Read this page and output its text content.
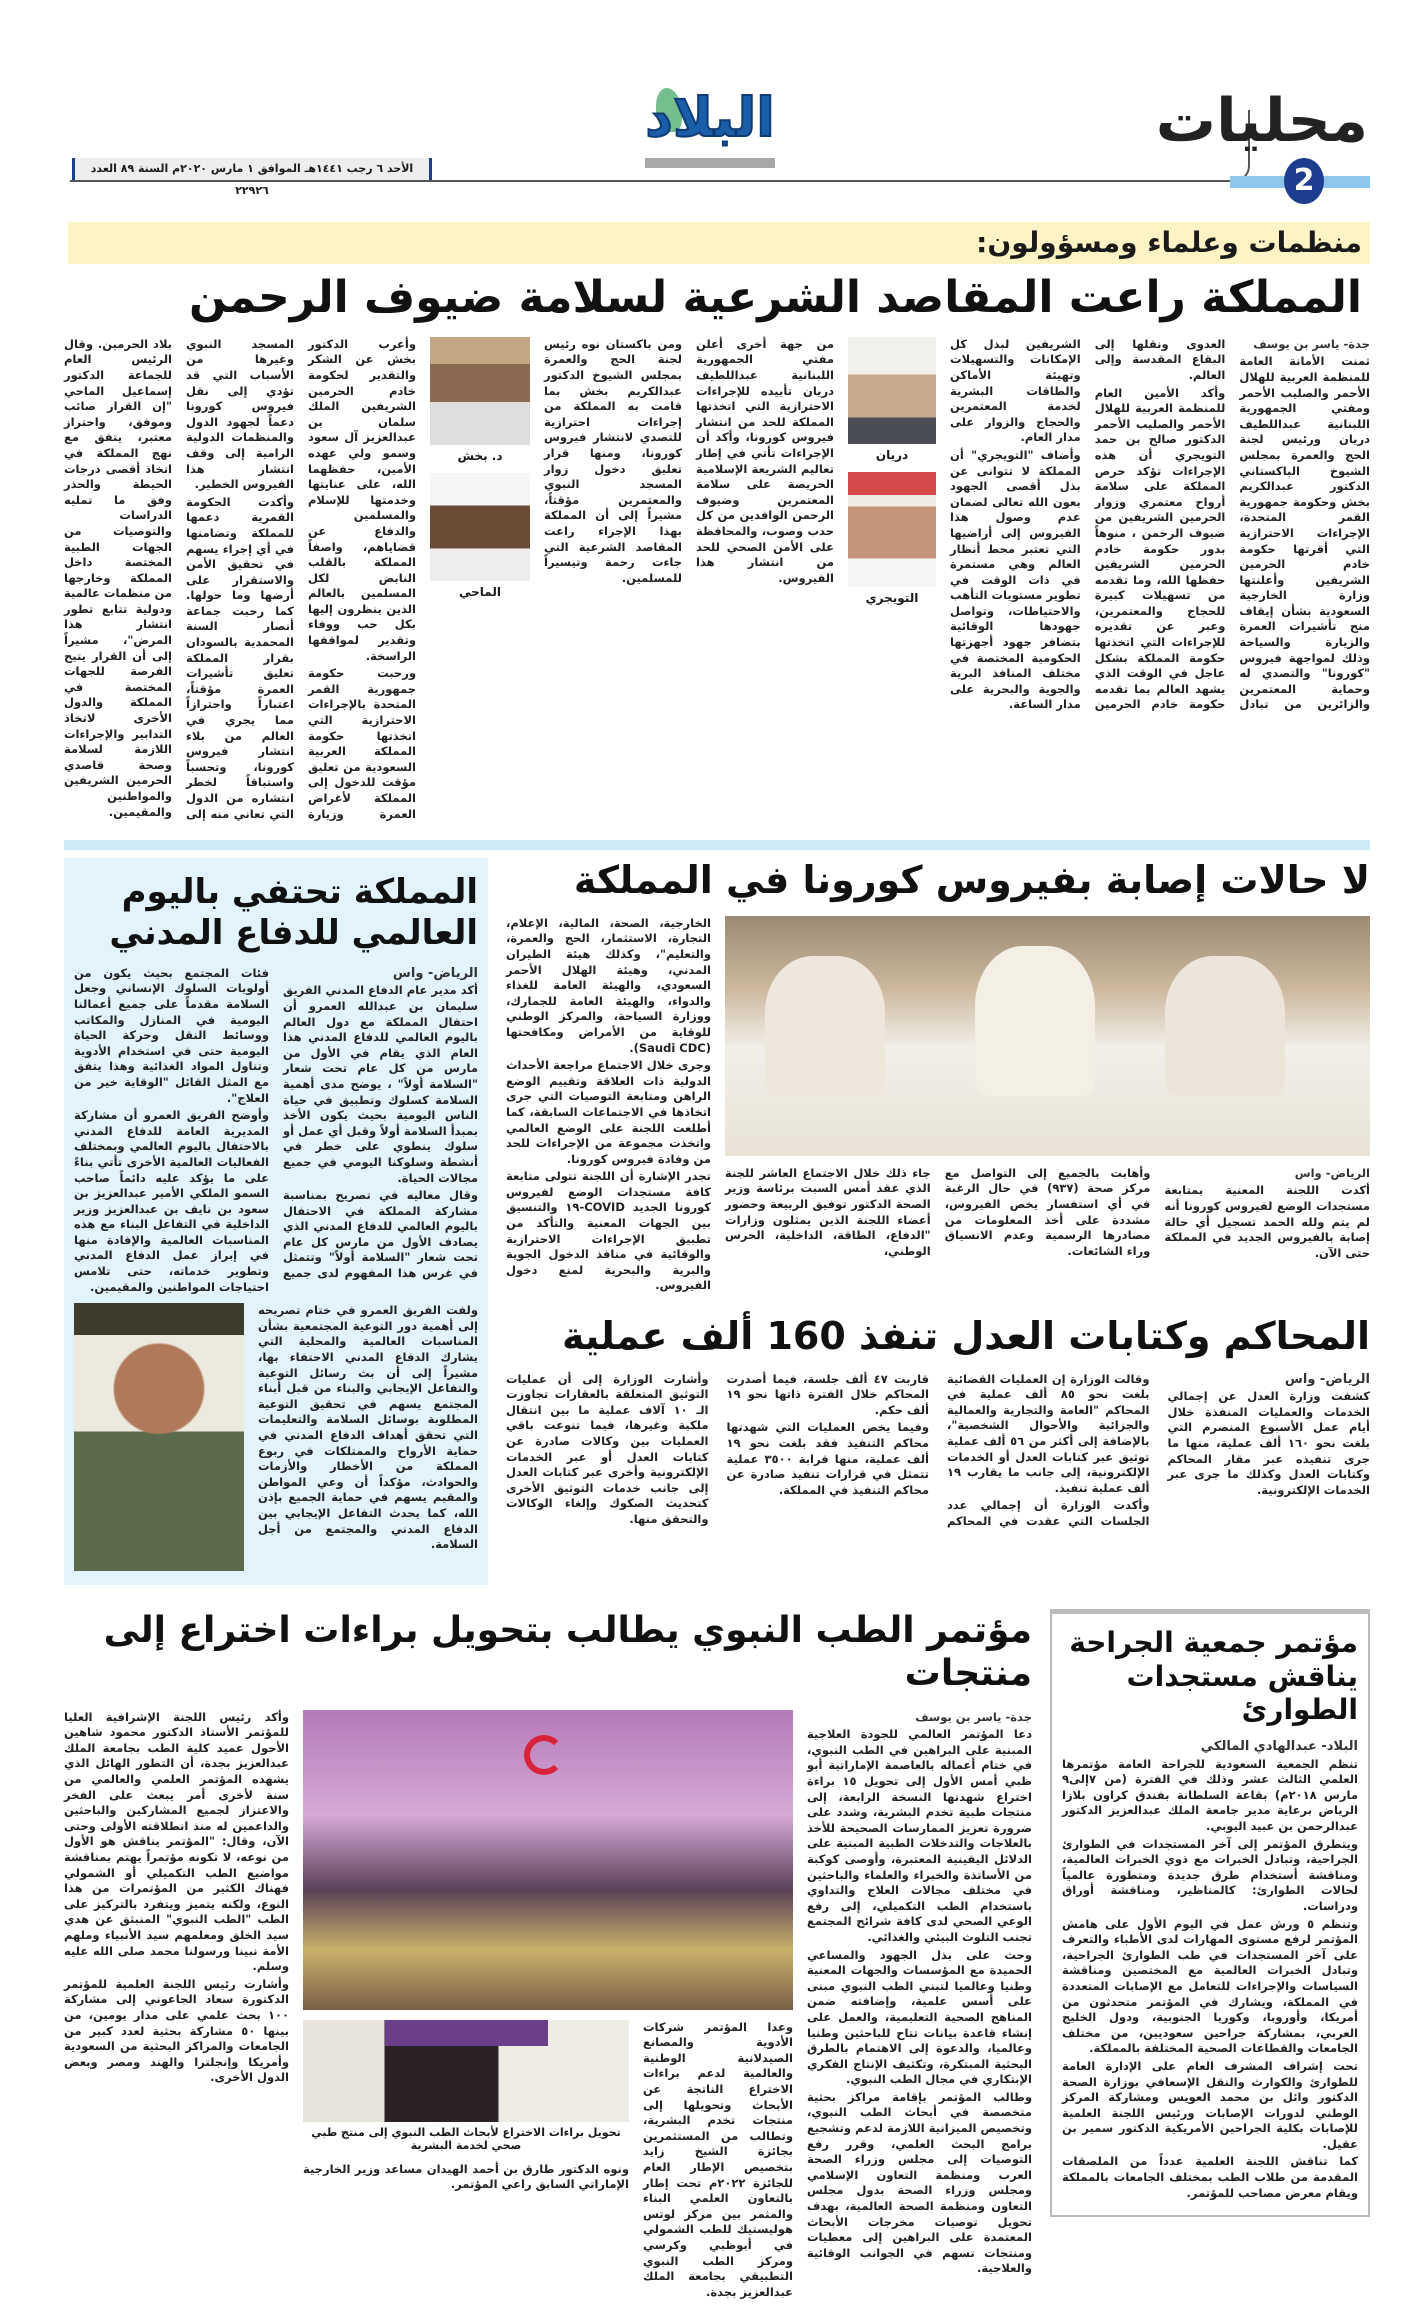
محليات
2
البلاد
الأحد ٦ رجب ١٤٤١هـ الموافق ١ مارس ٢٠٢٠م السنة ٨٩ العدد ٢٢٩٢٦
منظمات وعلماء ومسؤولون:
المملكة راعت المقاصد الشرعية لسلامة ضيوف الرحمن

جدة- ياسر بن يوسف

ثمنت الأمانة العامة للمنظمة العربية للهلال الأحمر والصليب الأحمر ومفتي الجمهورية اللبنانية عبداللطيف دريان ورئيس لجنة الحج والعمرة بمجلس الشيوخ الباكستاني الدكتور عبدالكريم بخش وحكومة جمهورية القمر المتحدة، الإجراءات الاحترازية التي أقرتها حكومة خادم الحرمين الشريفين وأعلنتها وزارة الخارجية السعودية بشأن إيقاف منح تأشيرات العمرة والزيارة والسياحة وذلك لمواجهة فيروس "كورونا" والتصدي له وحماية المعتمرين والزائرين من تبادل العدوى ونقلها إلى البقاع المقدسة وإلى العالم.

وأكد الأمين العام للمنظمة العربية للهلال الأحمر والصليب الأحمر الدكتور صالح بن حمد التويجري أن هذه الإجراءات تؤكد حرص المملكة على سلامة أرواح معتمري وزوار الحرمين الشريفين من ضيوف الرحمن ، منوهاً بدور حكومة خادم الحرمين الشريفين حفظها الله، وما تقدمه من تسهيلات كبيرة للحجاج والمعتمرين، وعبر عن تقديره للإجراءات التي اتخذتها حكومة المملكة بشكل عاجل في الوقت الذي يشهد العالم بما تقدمه حكومة خادم الحرمين الشريفين لبذل كل الإمكانات والتسهيلات وتهيئة الأماكن والطاقات البشرية لخدمة المعتمرين والحجاج والزوار على مدار العام.

وأضاف "التويجري" أن المملكة لا تتوانى عن بذل أقصى الجهود بعون الله تعالى لضمان عدم وصول هذا الفيروس إلى أراضيها التي تعتبر محط أنظار العالم وهي مستمرة في ذات الوقت في تطوير مستويات التأهب والاحتياطات، وتواصل جهودها الوقائية بتضافر جهود أجهزتها الحكومية المختصة في مختلف المنافذ البرية والجوية والبحرية على مدار الساعة.

دريان
التويجري

من جهة أخرى أعلن مفتي الجمهورية اللبنانية عبداللطيف دريان تأييده للإجراءات الاحترازية التي اتخذتها المملكة للحد من انتشار فيروس كورونا، وأكد أن الإجراءات تأتي في إطار تعاليم الشريعة الإسلامية الحريصة على سلامة المعتمرين وضيوف الرحمن الوافدين من كل حدب وصوب، والمحافظة على الأمن الصحي للحد من انتشار هذا الفيروس.

ومن باكستان نوه رئيس لجنة الحج والعمرة بمجلس الشيوخ الدكتور عبدالكريم بخش بما قامت به المملكة من إجراءات احترازية للتصدي لانتشار فيروس كورونا، ومنها قرار تعليق دخول زوار المسجد النبوي والمعتمرين مؤقتاً، مشيراً إلى أن المملكة بهذا الإجراء راعت المقاصد الشرعية التي جاءت رحمة وتيسيراً للمسلمين.

د. بخش
الماحي

وأعرب الدكتور بخش عن الشكر والتقدير لحكومة خادم الحرمين الشريفين الملك سلمان بن عبدالعزيز آل سعود وسمو ولي عهده الأمين، حفظهما الله، على عنايتها وخدمتها للإسلام والمسلمين والدفاع عن قضاياهم، واصفاً المملكة بالقلب النابض لكل المسلمين بالعالم الذين ينظرون إليها بكل حب ووفاء وتقدير لمواقفها الراسخة.

ورحبت حكومة جمهورية القمر المتحدة بالإجراءات الاحترازية التي اتخذتها حكومة المملكة العربية السعودية من تعليق مؤقت للدخول إلى المملكة لأغراض العمرة وزيارة المسجد النبوي وغيرها من الأسباب التي قد تؤدي إلى نقل فيروس كورونا دعماً لجهود الدول والمنظمات الدولية الرامية إلى وقف انتشار هذا الفيروس الخطير.

وأكدت الحكومة القمرية دعمها للمملكة وتضامنها في أي إجراء يسهم في تحقيق الأمن والاستقرار على أرضها وما حولها. كما رحبت جماعة أنصار السنة المحمدية بالسودان بقرار المملكة تعليق تأشيرات العمرة مؤقتاً، اعتباراً واحترازاً مما يجري في العالم من بلاء انتشار فيروس كورونا، وتحسباً واستباقاً لخطر انتشاره من الدول التي تعاني منه إلى بلاد الحرمين. وقال الرئيس العام للجماعة الدكتور إسماعيل الماحي "إن القرار صائب وموفق، واحتراز معتبر، يتفق مع نهج المملكة في اتخاذ أقصى درجات الحيطة والحذر وفق ما تمليه الدراسات والتوصيات من الجهات الطبية المختصة داخل المملكة وخارجها من منظمات عالمية ودولية تتابع تطور انتشار هذا المرض"، مشيراً إلى أن القرار يتيح الفرصة للجهات المختصة في المملكة والدول الأخرى لاتخاذ التدابير والإجراءات اللازمة لسلامة وصحة قاصدي الحرمين الشريفين والمواطنين والمقيمين.

لا حالات إصابة بفيروس كورونا في المملكة

الرياض- واس

أكدت اللجنة المعنية بمتابعة مستجدات الوضع لفيروس كورونا أنه لم يتم ولله الحمد تسجيل أي حالة إصابة بالفيروس الجديد في المملكة حتى الآن.

وأهابت بالجميع إلى التواصل مع مركز صحة (٩٣٧) في حال الرغبة في أي استفسار يخص الفيروس، مشددة على أخذ المعلومات من مصادرها الرسمية وعدم الانسياق وراء الشائعات.

جاء ذلك خلال الاجتماع العاشر للجنة الذي عقد أمس السبت برئاسة وزير الصحة الدكتور توفيق الربيعة وحضور أعضاء اللجنة الذين يمثلون وزارات "الدفاع، الطاقة، الداخلية، الحرس الوطني،

الخارجية، الصحة، المالية، الإعلام، التجارة، الاستثمار، الحج والعمرة، والتعليم"، وكذلك هيئة الطيران المدني، وهيئة الهلال الأحمر السعودي، والهيئة العامة للغذاء والدواء، والهيئة العامة للجمارك، ووزارة السياحة، والمركز الوطني للوقاية من الأمراض ومكافحتها (Saudi CDC).

وجرى خلال الاجتماع مراجعة الأحداث الدولية ذات العلاقة وتقييم الوضع الراهن ومتابعة التوصيات التي جرى اتخاذها في الاجتماعات السابقة، كما أطلعت اللجنة على الوضع العالمي واتخذت مجموعة من الإجراءات للحد من وفادة فيروس كورونا.

تجدر الإشارة أن اللجنة تتولى متابعة كافة مستجدات الوضع لفيروس كورونا الجديد COVID-١٩ والتنسيق بين الجهات المعنية والتأكد من تطبيق الإجراءات الاحترازية والوقائية في منافذ الدخول الجوية والبرية والبحرية لمنع دخول الفيروس.

المحاكم وكتابات العدل تنفذ 160 ألف عملية

الرياض- واس

كشفت وزارة العدل عن إجمالي الخدمات والعمليات المنفذة خلال أيام عمل الأسبوع المنصرم التي بلغت نحو ١٦٠ ألف عملية، منها ما جرى تنفيذه عبر مقار المحاكم وكتابات العدل وكذلك ما جرى عبر الخدمات الإلكترونية.

وقالت الوزارة إن العمليات القضائية بلغت نحو ٨٥ ألف عملية في المحاكم "العامة والتجارية والعمالية والجزائية والأحوال الشخصية"، بالإضافة إلى أكثر من ٥٦ ألف عملية توثيق عبر كتابات العدل أو الخدمات الإلكترونية، إلى جانب ما يقارب ١٩ ألف عملية تنفيذ.

وأكدت الوزارة أن إجمالي عدد الجلسات التي عقدت في المحاكم قاربت ٤٧ ألف جلسة، فيما أصدرت المحاكم خلال الفترة ذاتها نحو ١٩ ألف حكم.

وفيما يخص العمليات التي شهدتها محاكم التنفيذ فقد بلغت نحو ١٩ ألف عملية، منها قرابة ٣٥٠٠ عملية تتمثل في قرارات تنفيذ صادرة عن محاكم التنفيذ في المملكة.

وأشارت الوزارة إلى أن عمليات التوثيق المتعلقة بالعقارات تجاوزت الـ ١٠ آلاف عملية ما بين انتقال ملكية وغيرها، فيما تنوعت باقي العمليات بين وكالات صادرة عن كتابات العدل أو عبر الخدمات الإلكترونية وأخرى عبر كتابات العدل إلى جانب خدمات التوثيق الأخرى كتحديث الصكوك وإلغاء الوكالات والتحقق منها.

المملكة تحتفي باليوم العالمي للدفاع المدني

الرياض- واس

أكد مدير عام الدفاع المدني الفريق سليمان بن عبدالله العمرو أن احتفال المملكة مع دول العالم باليوم العالمي للدفاع المدني هذا العام الذي يقام في الأول من مارس من كل عام تحت شعار "السلامة أولاً" ، يوضح مدى أهمية السلامة كسلوك وتطبيق في حياة الناس اليومية بحيث يكون الأخذ بمبدأ السلامة أولاً وقبل أي عمل أو سلوك ينطوي على خطر في أنشطة وسلوكنا اليومي في جميع مجالات الحياة.

وقال معاليه في تصريح بمناسبة مشاركة المملكة في الاحتفال باليوم العالمي للدفاع المدني الذي يصادف الأول من مارس كل عام تحت شعار "السلامة أولاً" وتتمثل في غرس هذا المفهوم لدى جميع فئات المجتمع بحيث يكون من أولويات السلوك الإنساني وجعل السلامة مقدماً على جميع أعمالنا اليومية في المنازل والمكاتب ووسائط النقل وحركة الحياة اليومية حتى في استخدام الأدوية وتناول المواد الغذائية وهذا يتفق مع المثل القائل "الوقاية خير من العلاج".

وأوضح الفريق العمرو أن مشاركة المديرية العامة للدفاع المدني بالاحتفال باليوم العالمي وبمختلف الفعاليات العالمية الأخرى تأتي بناءً على ما يؤكد عليه دائماً صاحب السمو الملكي الأمير عبدالعزيز بن سعود بن نايف بن عبدالعزيز وزير الداخلية في التفاعل البناء مع هذه المناسبات العالمية والإفادة منها في إبراز عمل الدفاع المدني وتطوير خدماته، حتى تلامس احتياجات المواطنين والمقيمين.

ولفت الفريق العمرو في ختام تصريحه إلى أهمية دور التوعية المجتمعية بشأن المناسبات العالمية والمحلية التي يشارك الدفاع المدني الاحتفاء بها، مشيراً إلى أن بث رسائل التوعية والتفاعل الإيجابي والبناء من قبل أبناء المجتمع يسهم في تحقيق التوعية المطلوبة بوسائل السلامة والتعليمات التي تحقق أهداف الدفاع المدني في حماية الأرواح والممتلكات في ربوع المملكة من الأخطار والأزمات والحوادث، مؤكداً أن وعي المواطن والمقيم يسهم في حماية الجميع بإذن الله، كما يحدث التفاعل الإيجابي بين الدفاع المدني والمجتمع من أجل السلامة.

مؤتمر جمعية الجراحة يناقش مستجدات الطوارئ

البلاد- عبدالهادي المالكي

تنظم الجمعية السعودية للجراحة العامة مؤتمرها العلمي الثالث عشر وذلك في الفترة (من ٧إلى٩ مارس ٢٠١٨م) بقاعة السلطانة بفندق كراون بلازا الرياض برعاية مدير جامعة الملك عبدالعزيز الدكتور عبدالرحمن بن عبيد اليوبي.

ويتطرق المؤتمر إلى آخر المستجدات في الطوارئ الجراحية، وتبادل الخبرات مع ذوي الخبرات العالمية، ومناقشة أستخدام طرق جديدة ومتطورة عالمياً لحالات الطوارئ: كالمناظير، ومناقشة أوراق ودراسات.

وتنظم ٥ ورش عمل في اليوم الأول على هامش المؤتمر لرفع مستوى المهارات لدى الأطباء والتعرف على آخر المستجدات في طب الطوارئ الجراحية، وتبادل الخبرات العالمية مع المختصين ومناقشة السياسات والإجراءات للتعامل مع الإصابات المتعددة في المملكة، ويشارك في المؤتمر متحدثون من أمريكا، وأوروبا، وكوريا الجنوبية، ودول الخليج العربي، بمشاركة جراحين سعوديين، من مختلف الجامعات والقطاعات الصحية المختلفة بالمملكة.

تحت إشراف المشرف العام على الإدارة العامة للطوارئ والكوارث والنقل الإسعافي بوزارة الصحة الدكتور وائل بن محمد العويس ومشاركة المركز الوطني لدورات الإصابات ورئيس اللجنة العلمية للإصابات بكلية الجراحين الأمريكية الدكتور سمير بن عقيل.

كما تناقش اللجنة العلمية عدداً من الملصقات المقدمة من طلاب الطب بمختلف الجامعات بالمملكة ويقام معرض مصاحب للمؤتمر.

مؤتمر الطب النبوي يطالب بتحويل براءات اختراع إلى منتجات

جدة- ياسر بن يوسف

دعا المؤتمر العالمي للجودة العلاجية المبنية على البراهين في الطب النبوي، في ختام أعماله بالعاصمة الإماراتية أبو ظبي أمس الأول إلى تحويل ١٥ براءة اختراع شهدتها النسخة الرابعة، إلى منتجات طبية تخدم البشرية، وشدد على ضرورة تعزيز الممارسات الصحيحة للأخذ بالعلاجات والتدخلات الطبية المبنية على الدلائل اليقينية المعتبرة، وأوصى كوكبة من الأساتذة والخبراء والعلماء والباحثين في مختلف مجالات العلاج والتداوي باستخدام الطب التكميلي، إلى رفع الوعي الصحي لدى كافة شرائح المجتمع تجنب التلوث البيئي والغذائي.

وحث على بذل الجهود والمساعي الحميدة مع المؤسسات والجهات المعنية وطنيا وعالميا لتبني الطب النبوي مبنى على أسس علمية، وإضافته ضمن المناهج الصحية التعليمية، والعمل على إنشاء قاعدة بيانات تتاح للباحثين وطنيا وعالميا، والدعوة إلى الاهتمام بالطرق البحثية المبتكرة، وتكثيف الإنتاج الفكري الإبتكاري في مجال الطب النبوي.

وطالب المؤتمر بإقامة مراكز بحثية متخصصة في أبحاث الطب النبوي، وتخصيص الميزانية اللازمة لدعم وتشجيع برامج البحث العلمي، وقرر رفع التوصيات إلى مجلس وزراء الصحة العرب ومنظمة التعاون الإسلامي ومجلس وزراء الصحة بدول مجلس التعاون ومنظمة الصحة العالمية، بهدف تحويل توصيات مخرجات الأبحاث المعتمدة على البراهين إلى معطيات ومنتجات تسهم في الجوانب الوقائية والعلاجية.

وعدا المؤتمر شركات الأدوية والمصانع الصيدلانية الوطنية والعالمية لدعم براءات الاختراع الناتجة عن الأبحاث وتحويلها إلى منتجات تخدم البشرية، وتطالب من المستثمرين بجائزة الشيخ زايد بتخصيص الإطار العام للجائزة ٢٠٢٢م تحت إطار بالتعاون العلمي البناء والمثمر بين مركز لوتس هوليستيك للطب الشمولي في أبوظبي وكرسي ومركز الطب النبوي التطبيقي بجامعة الملك عبدالعزيز بجدة.

تحويل براءات الاختراع لأبحاث الطب النبوي إلى منتج طبي صحي لخدمة البشرية

ونوه الدكتور طارق بن أحمد الهيدان مساعد وزير الخارجية الإماراتي السابق راعي المؤتمر.

وأكد رئيس اللجنة الإشرافية العليا للمؤتمر الأستاذ الدكتور محمود شاهين الأحول عميد كلية الطب بجامعة الملك عبدالعزيز بجدة، أن التطور الهائل الذي يشهده المؤتمر العلمي والعالمي من سنة لأخرى أمر يبعث على الفخر والاعتزاز لجميع المشاركين والباحثين والداعمين له منذ انطلاقته الأولى وحتى الآن، وقال: "المؤتمر يناقش هو الأول من نوعه، لا تكونه مؤتمراً يهتم بمناقشة مواضيع الطب التكميلي أو الشمولي فهناك الكثير من المؤتمرات من هذا النوع، ولكنه يتميز ويتفرد بالتركيز على الطب "الطب النبوي" المنبثق عن هدي سيد الخلق ومعلمهم سيد الأنبياء وملهم الأمة نبينا ورسولنا محمد صلى الله عليه وسلم.

وأشارت رئيس اللجنة العلمية للمؤتمر الدكتورة سعاد الجاعوني إلى مشاركة ١٠٠ بحث علمي على مدار يومين، من بينها ٥٠ مشاركة بحثية لعدد كبير من الجامعات والمراكز البحثية من السعودية وأمريكا وإنجلترا والهند ومصر وبعض الدول الأخرى.
